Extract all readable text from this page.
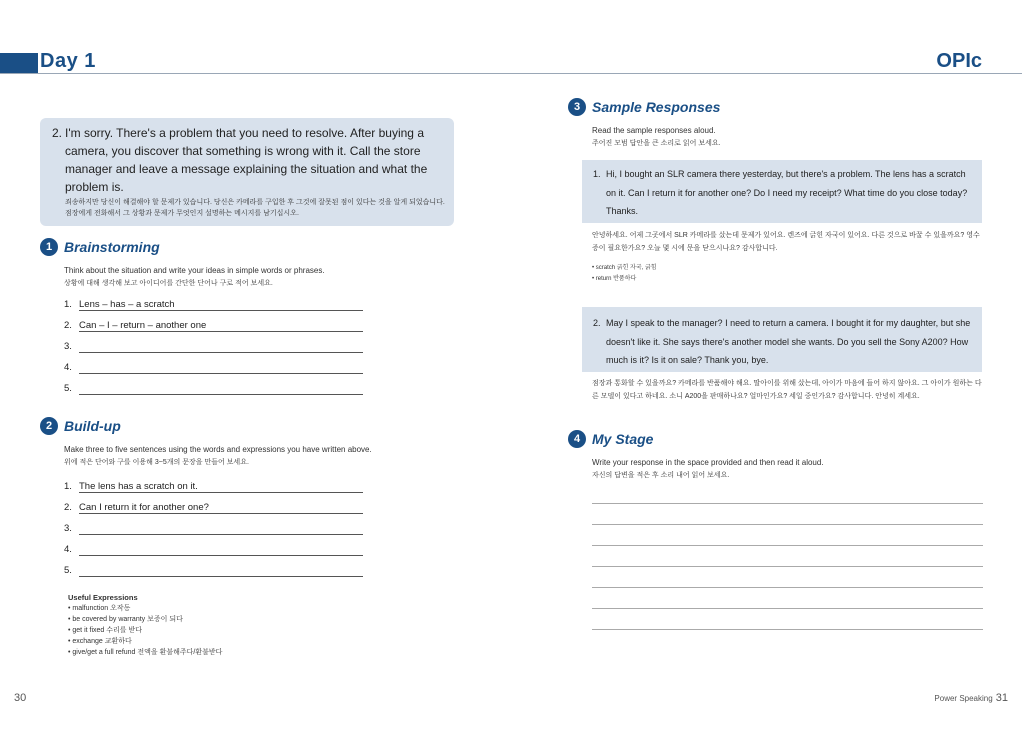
Day 1	OPIc
2. I'm sorry. There's a problem that you need to resolve. After buying a camera, you discover that something is wrong with it. Call the store manager and leave a message explaining the situation and what the problem is.
죄송하지만 당신이 해결해야 할 문제가 있습니다. 당신은 카메라를 구입한 후 그것에 잘못된 점이 있다는 것을 알게 되었습니다. 점장에게 전화해서 그 상황과 문제가 무엇인지 설명하는 메시지를 남기십시오.
1 Brainstorming
Think about the situation and write your ideas in simple words or phrases.
상황에 대해 생각해 보고 아이디어를 간단한 단어나 구로 적어 보세요.
1. Lens – has – a scratch
2. Can – I – return – another one
3.
4.
5.
2 Build-up
Make three to five sentences using the words and expressions you have written above.
위에 적은 단어와 구를 이용해 3~5개의 문장을 만들어 보세요.
1. The lens has a scratch on it.
2. Can I return it for another one?
3.
4.
5.
Useful Expressions
• malfunction 오작동
• be covered by warranty 보증이 되다
• get it fixed 수리를 받다
• exchange 교환하다
• give/get a full refund 전액을 환불해주다/환불받다
3 Sample Responses
Read the sample responses aloud.
주어진 모범 답안을 큰 소리로 읽어 보세요.
1. Hi, I bought an SLR camera there yesterday, but there's a problem. The lens has a scratch on it. Can I return it for another one? Do I need my receipt? What time do you close today? Thanks.
안녕하세요. 어제 그곳에서 SLR 카메라를 샀는데 문제가 있어요. 렌즈에 긁힌 자국이 있어요. 다른 것으로 바꿀 수 있을까요? 영수증이 필요한가요? 오늘 몇 시에 문을 닫으시나요? 감사합니다.
• scratch 긁힌 자국, 긁힘
• return 반품하다
2. May I speak to the manager? I need to return a camera. I bought it for my daughter, but she doesn't like it. She says there's another model she wants. Do you sell the Sony A200? How much is it? Is it on sale? Thank you, bye.
점장과 통화할 수 있을까요? 카메라를 반품해야 해요. 딸아이를 위해 샀는데, 아이가 마음에 들어 하지 않아요. 그 아이가 원하는 다른 모델이 있다고 하네요. 소니 A200을 판매하나요? 얼마인가요? 세일 중인가요? 감사합니다. 안녕히 계세요.
4 My Stage
Write your response in the space provided and then read it aloud.
자신의 답변을 적은 후 소리 내어 읽어 보세요.
30	Power Speaking 31
